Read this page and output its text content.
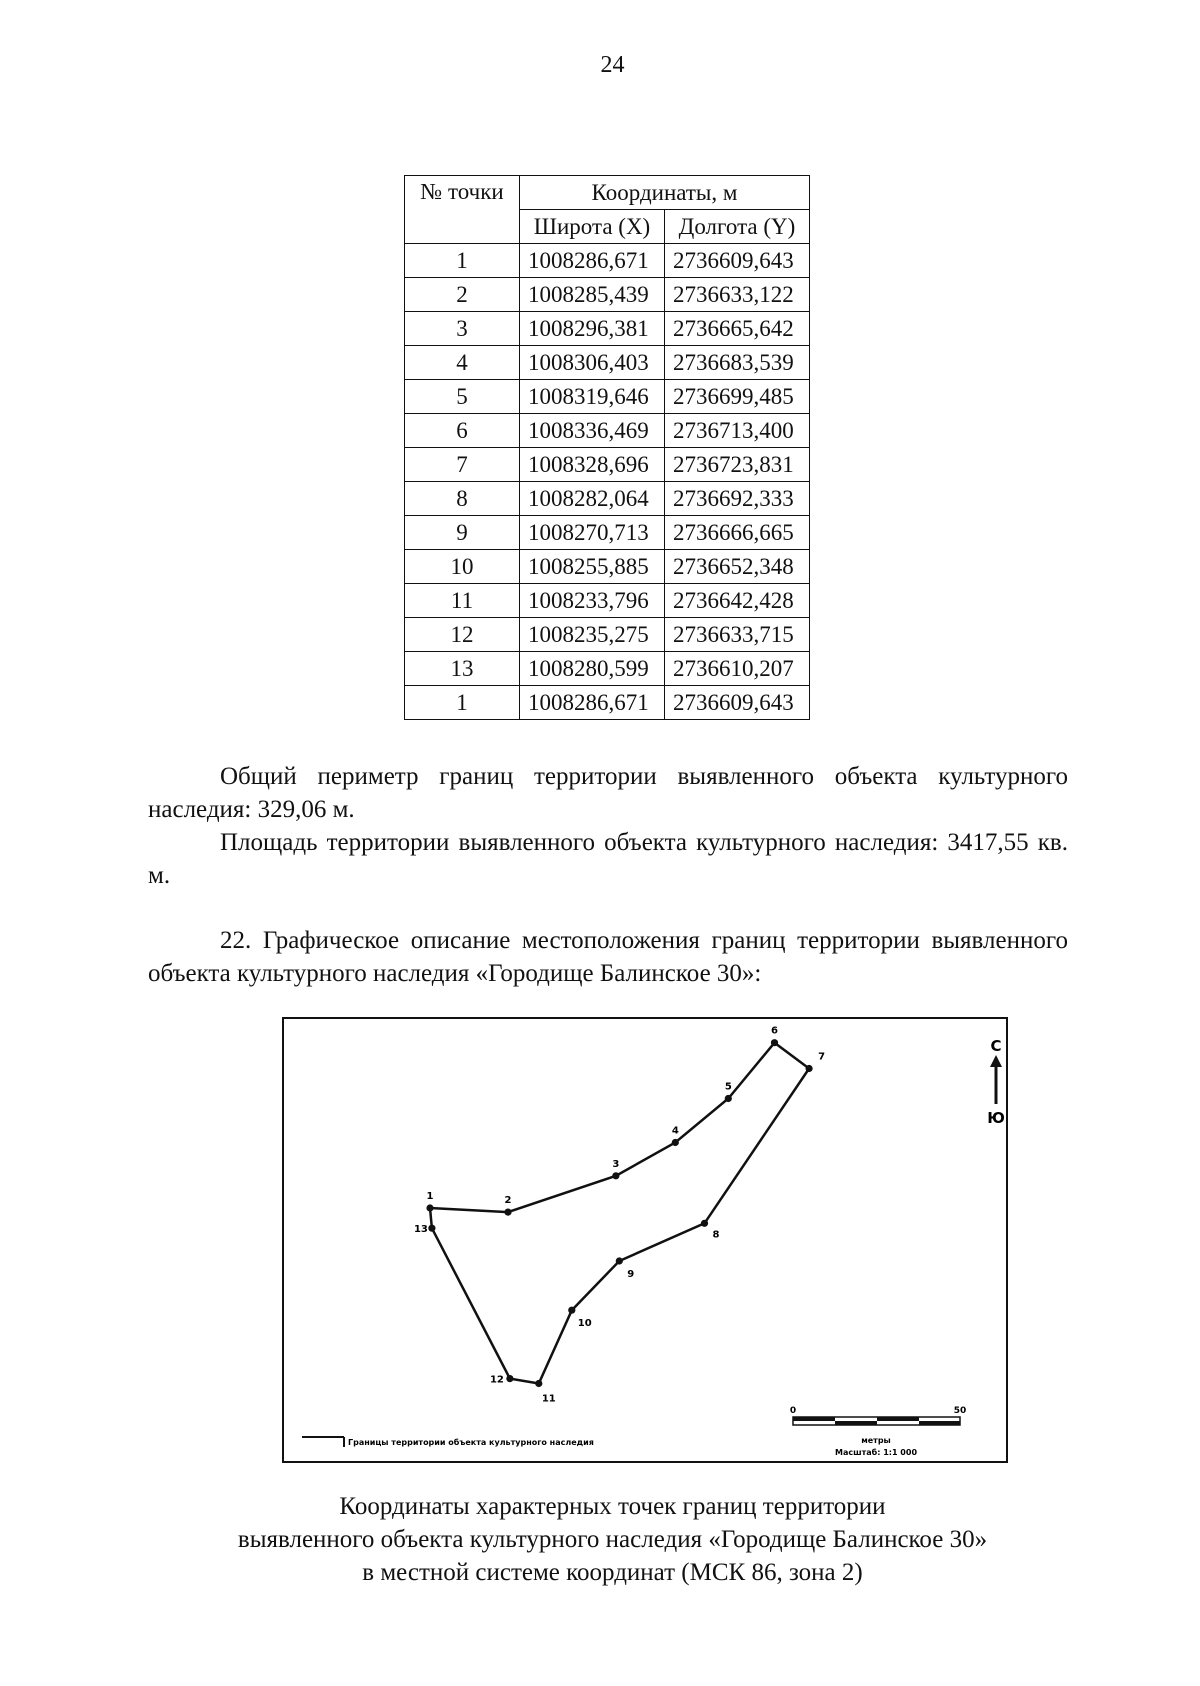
24
№ точки	Координаты, м	
	Широта (X)	Долгота (Y)
1	1008286,671	2736609,643
2	1008285,439	2736633,122
3	1008296,381	2736665,642
4	1008306,403	2736683,539
5	1008319,646	2736699,485
6	1008336,469	2736713,400
7	1008328,696	2736723,831
8	1008282,064	2736692,333
9	1008270,713	2736666,665
10	1008255,885	2736652,348
11	1008233,796	2736642,428
12	1008235,275	2736633,715
13	1008280,599	2736610,207
1	1008286,671	2736609,643
Общий периметр границ территории выявленного объекта культурного наследия: 329,06 м.
Площадь территории выявленного объекта культурного наследия: 3417,55 кв. м.
22. Графическое описание местоположения границ территории выявленного объекта культурного наследия «Городище Балинское 30»:
1	2
3
4
5
6
7
8
9
10
11
12
13
С
Ю
0	50
метры
Масштаб: 1:1 000
Границы территории объекта культурного наследия
Координаты характерных точек границ территории
выявленного объекта культурного наследия «Городище Балинское 30»
в местной системе координат (МСК 86, зона 2)
